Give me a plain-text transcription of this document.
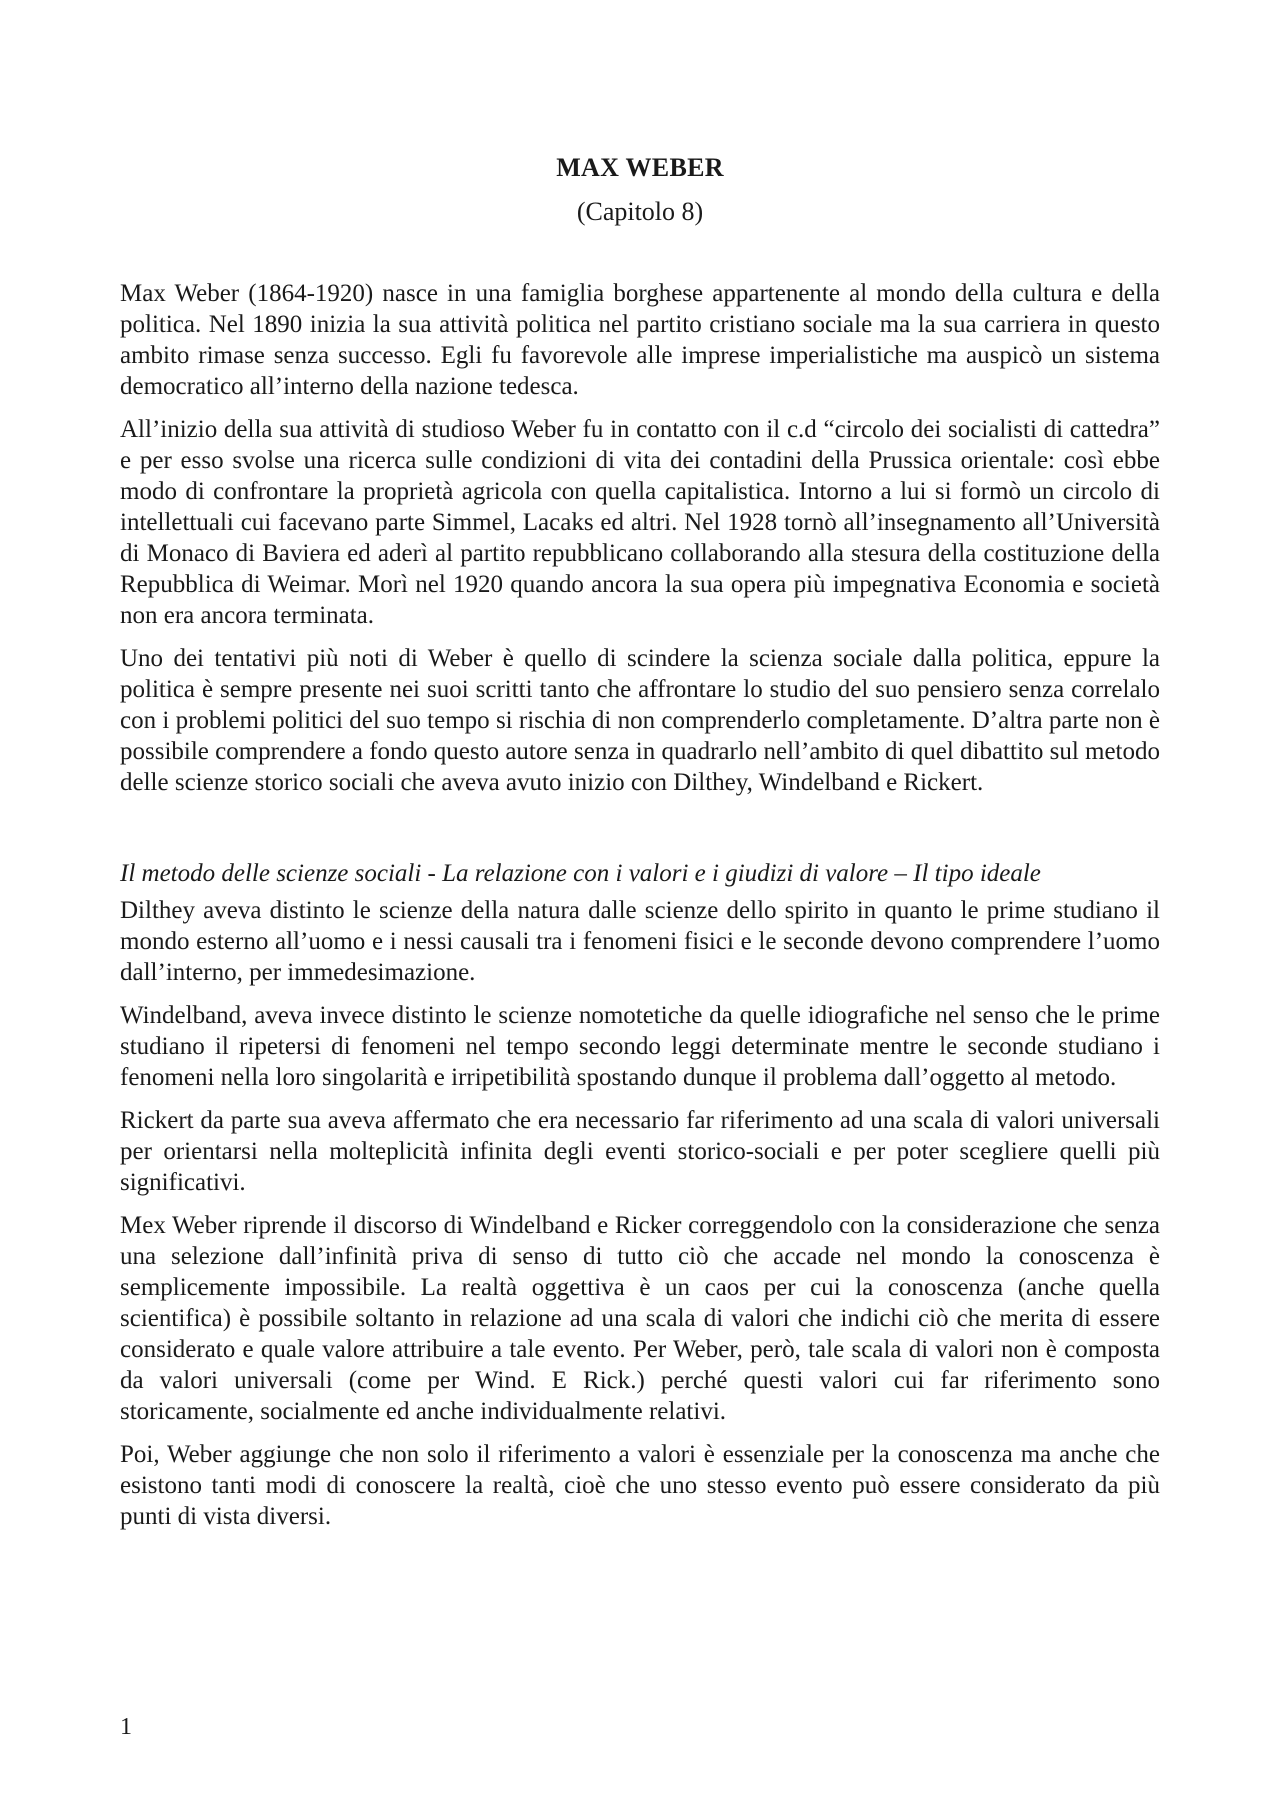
MAX WEBER
(Capitolo 8)

Max Weber (1864-1920) nasce in una famiglia borghese appartenente al mondo della cultura e della politica. Nel 1890 inizia la sua attività politica nel partito cristiano sociale ma la sua carriera in questo ambito rimase senza successo. Egli fu favorevole alle imprese imperialistiche ma auspicò un sistema democratico all’interno della nazione tedesca.

All’inizio della sua attività di studioso Weber fu in contatto con il c.d “circolo dei socialisti di cattedra” e per esso svolse una ricerca sulle condizioni di vita dei contadini della Prussica orientale: così ebbe modo di confrontare la proprietà agricola con quella capitalistica. Intorno a lui si formò un circolo di intellettuali cui facevano parte Simmel, Lacaks ed altri. Nel 1928 tornò all’insegnamento all’Università di Monaco di Baviera ed aderì al partito repubblicano collaborando alla stesura della costituzione della Repubblica di Weimar. Morì nel 1920 quando ancora la sua opera più impegnativa Economia e società non era ancora terminata.

Uno dei tentativi più noti di Weber è quello di scindere la scienza sociale dalla politica, eppure la politica è sempre presente nei suoi scritti tanto che affrontare lo studio del suo pensiero senza correlalo con i problemi politici del suo tempo si rischia di non comprenderlo completamente. D’altra parte non è possibile comprendere a fondo questo autore senza in quadrarlo nell’ambito di quel dibattito sul metodo delle scienze storico sociali che aveva avuto inizio con Dilthey, Windelband e Rickert.

Il metodo delle scienze sociali - La relazione con i valori e i giudizi di valore – Il tipo ideale

Dilthey aveva distinto le scienze della natura dalle scienze dello spirito in quanto le prime studiano il mondo esterno all’uomo e i nessi causali tra i fenomeni fisici e le seconde devono comprendere l’uomo dall’interno, per immedesimazione.

Windelband, aveva invece distinto le scienze nomotetiche da quelle idiografiche nel senso che le prime studiano il ripetersi di fenomeni nel tempo secondo leggi determinate mentre le seconde studiano i fenomeni nella loro singolarità e irripetibilità spostando dunque il problema dall’oggetto al metodo.

Rickert da parte sua aveva affermato che era necessario far riferimento ad una scala di valori universali per orientarsi nella molteplicità infinita degli eventi storico-sociali e per poter scegliere quelli più significativi.

Mex Weber riprende il discorso di Windelband e Ricker correggendolo con la considerazione che senza una selezione dall’infinità priva di senso di tutto ciò che accade nel mondo la conoscenza è semplicemente impossibile. La realtà oggettiva è un caos per cui la conoscenza (anche quella scientifica) è possibile soltanto in relazione ad una scala di valori che indichi ciò che merita di essere considerato e quale valore attribuire a tale evento. Per Weber, però, tale scala di valori non è composta da valori universali (come per Wind. E Rick.) perché questi valori cui far riferimento sono storicamente, socialmente ed anche individualmente relativi.

Poi, Weber aggiunge che non solo il riferimento a valori è essenziale per la conoscenza ma anche che esistono tanti modi di conoscere la realtà, cioè che uno stesso evento può essere considerato da più punti di vista diversi.

1
